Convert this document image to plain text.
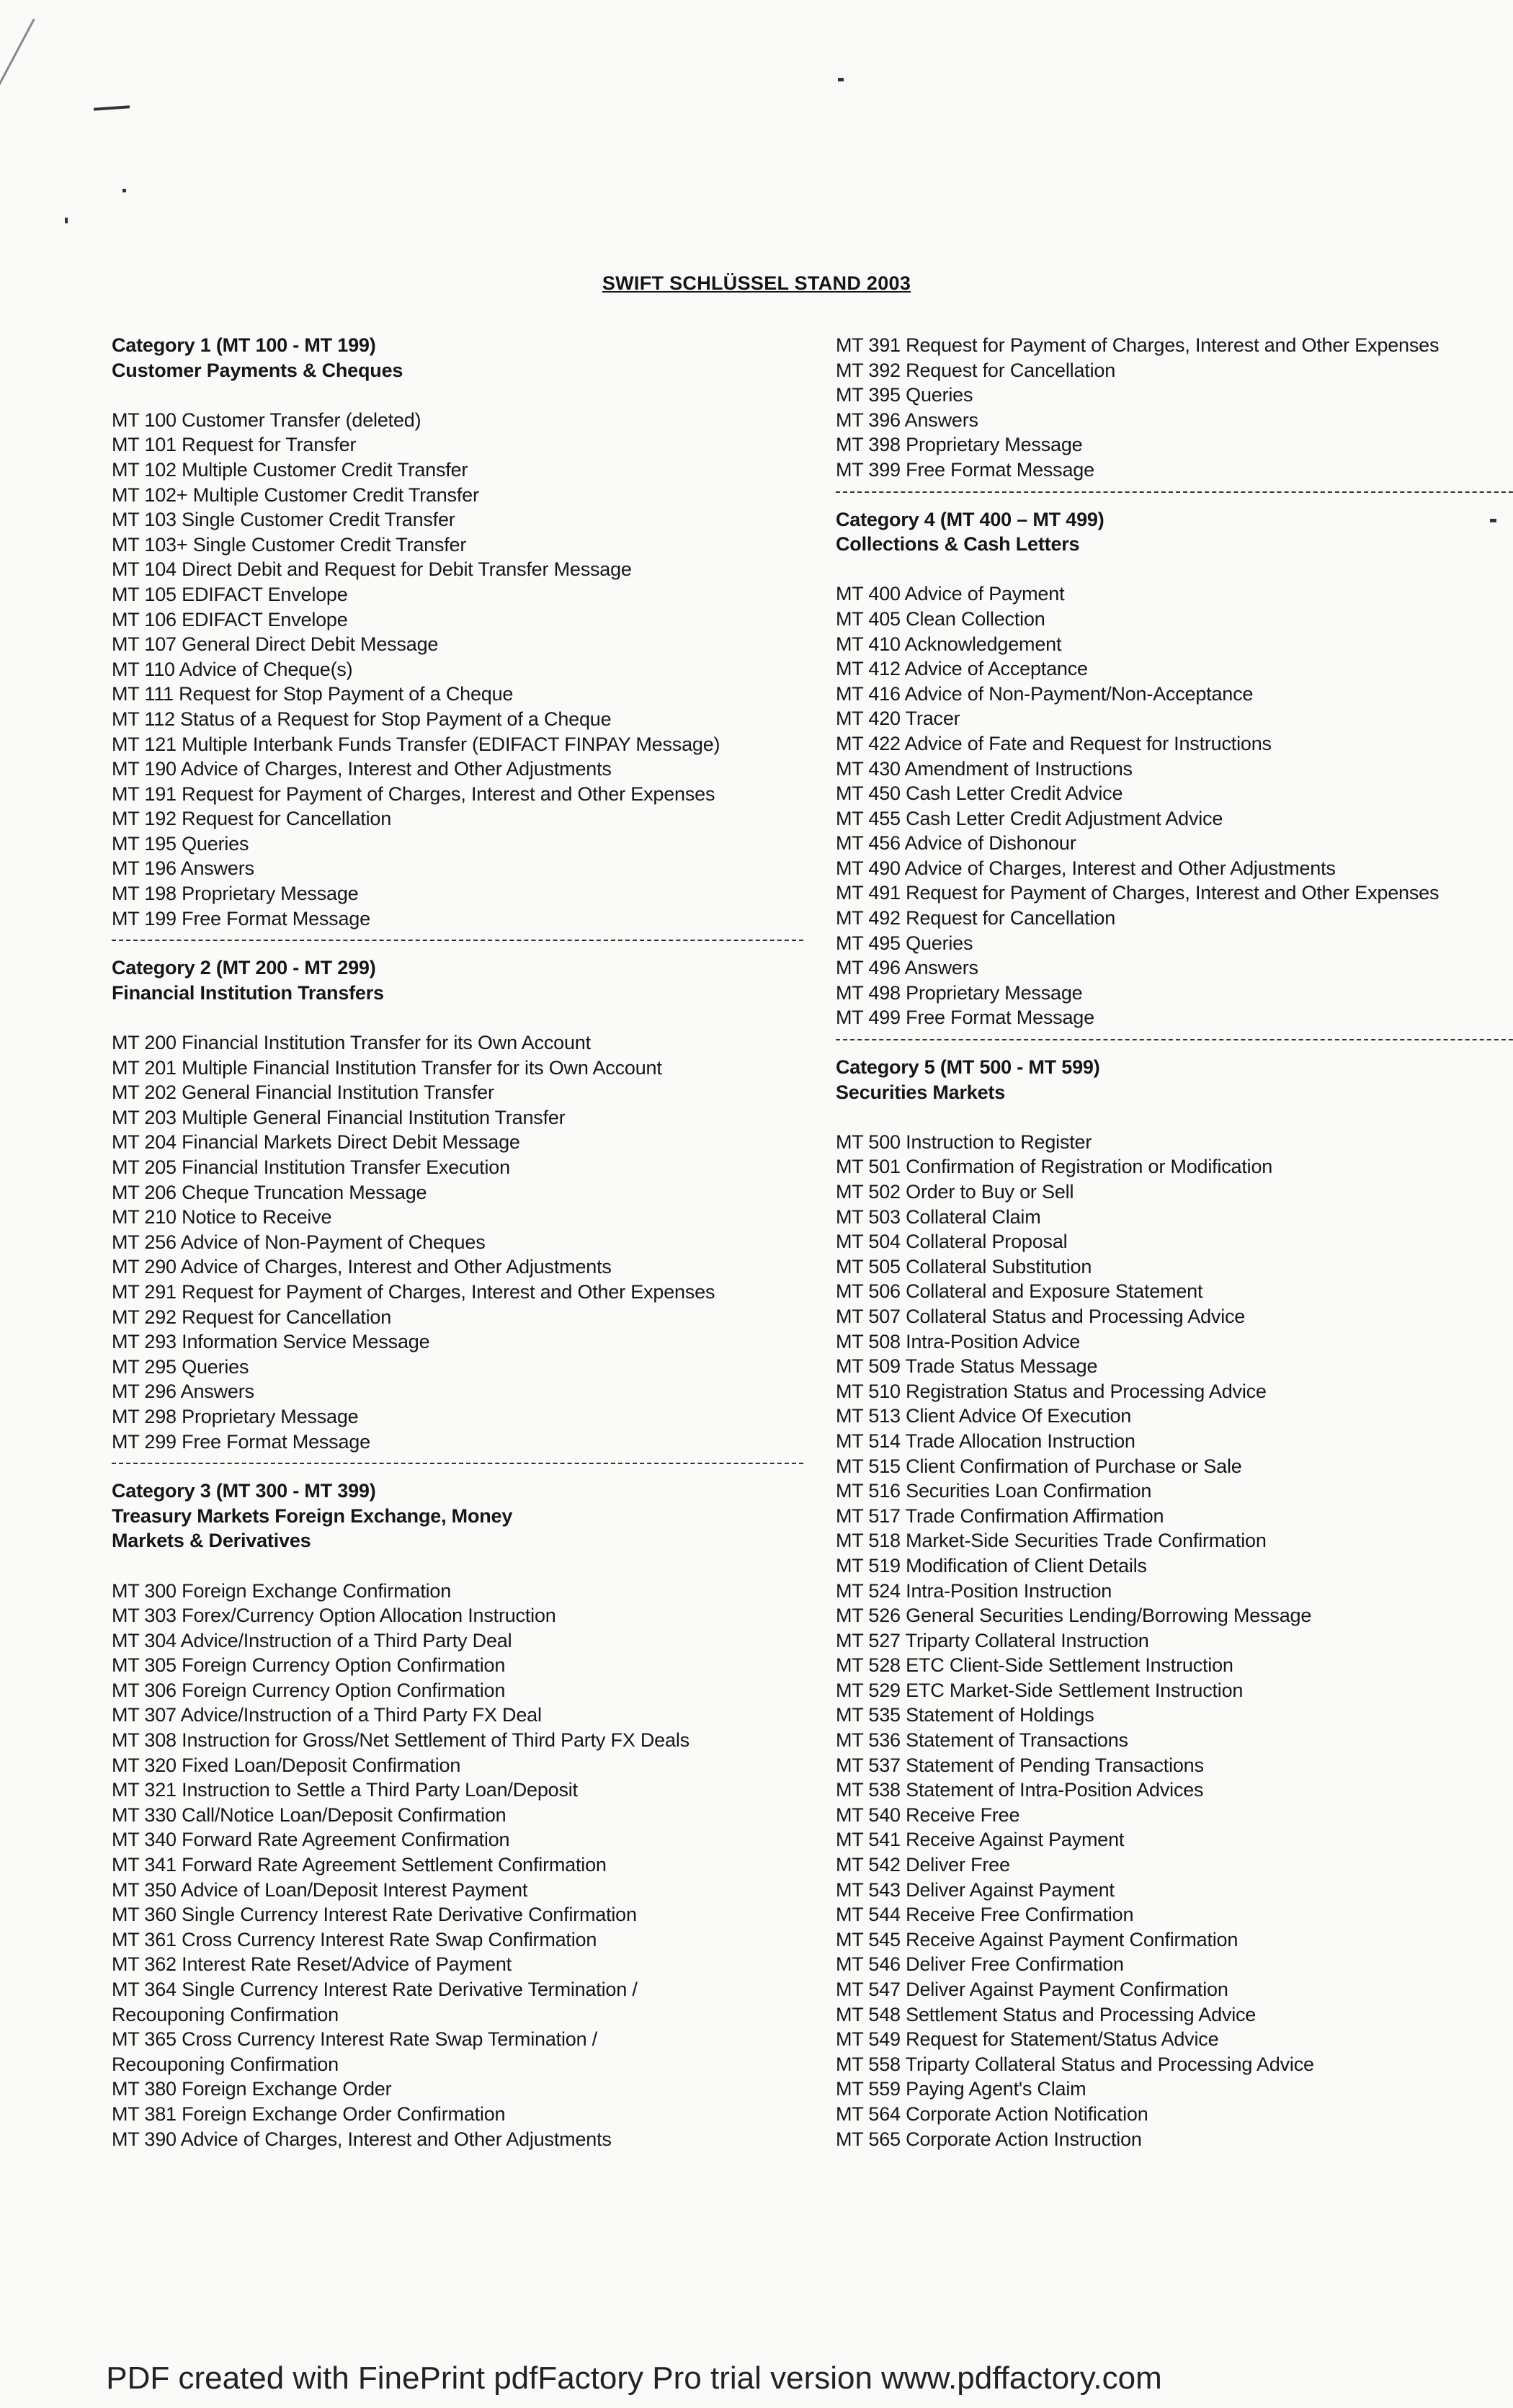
SWIFT SCHLÜSSEL STAND 2003
Category 1 (MT 100 - MT 199)
Customer Payments & Cheques
MT 100 Customer Transfer (deleted)
MT 101 Request for Transfer
MT 102 Multiple Customer Credit Transfer
MT 102+ Multiple Customer Credit Transfer
MT 103 Single Customer Credit Transfer
MT 103+ Single Customer Credit Transfer
MT 104 Direct Debit and Request for Debit Transfer Message
MT 105 EDIFACT Envelope
MT 106 EDIFACT Envelope
MT 107 General Direct Debit Message
MT 110 Advice of Cheque(s)
MT 111 Request for Stop Payment of a Cheque
MT 112 Status of a Request for Stop Payment of a Cheque
MT 121 Multiple Interbank Funds Transfer (EDIFACT FINPAY Message)
MT 190 Advice of Charges, Interest and Other Adjustments
MT 191 Request for Payment of Charges, Interest and Other Expenses
MT 192 Request for Cancellation
MT 195 Queries
MT 196 Answers
MT 198 Proprietary Message
MT 199 Free Format Message
Category 2 (MT 200 - MT 299)
Financial Institution Transfers
MT 200 Financial Institution Transfer for its Own Account
MT 201 Multiple Financial Institution Transfer for its Own Account
MT 202 General Financial Institution Transfer
MT 203 Multiple General Financial Institution Transfer
MT 204 Financial Markets Direct Debit Message
MT 205 Financial Institution Transfer Execution
MT 206 Cheque Truncation Message
MT 210 Notice to Receive
MT 256 Advice of Non-Payment of Cheques
MT 290 Advice of Charges, Interest and Other Adjustments
MT 291 Request for Payment of Charges, Interest and Other Expenses
MT 292 Request for Cancellation
MT 293 Information Service Message
MT 295 Queries
MT 296 Answers
MT 298 Proprietary Message
MT 299 Free Format Message
Category 3 (MT 300 - MT 399)
Treasury Markets Foreign Exchange, Money
Markets & Derivatives
MT 300 Foreign Exchange Confirmation
MT 303 Forex/Currency Option Allocation Instruction
MT 304 Advice/Instruction of a Third Party Deal
MT 305 Foreign Currency Option Confirmation
MT 306 Foreign Currency Option Confirmation
MT 307 Advice/Instruction of a Third Party FX Deal
MT 308 Instruction for Gross/Net Settlement of Third Party FX Deals
MT 320 Fixed Loan/Deposit Confirmation
MT 321 Instruction to Settle a Third Party Loan/Deposit
MT 330 Call/Notice Loan/Deposit Confirmation
MT 340 Forward Rate Agreement Confirmation
MT 341 Forward Rate Agreement Settlement Confirmation
MT 350 Advice of Loan/Deposit Interest Payment
MT 360 Single Currency Interest Rate Derivative Confirmation
MT 361 Cross Currency Interest Rate Swap Confirmation
MT 362 Interest Rate Reset/Advice of Payment
MT 364 Single Currency Interest Rate Derivative Termination /
Recouponing Confirmation
MT 365 Cross Currency Interest Rate Swap Termination /
Recouponing Confirmation
MT 380 Foreign Exchange Order
MT 381 Foreign Exchange Order Confirmation
MT 390 Advice of Charges, Interest and Other Adjustments
MT 391 Request for Payment of Charges, Interest and Other Expenses
MT 392 Request for Cancellation
MT 395 Queries
MT 396 Answers
MT 398 Proprietary Message
MT 399 Free Format Message
Category 4 (MT 400 – MT 499)
Collections & Cash Letters
MT 400 Advice of Payment
MT 405 Clean Collection
MT 410 Acknowledgement
MT 412 Advice of Acceptance
MT 416 Advice of Non-Payment/Non-Acceptance
MT 420 Tracer
MT 422 Advice of Fate and Request for Instructions
MT 430 Amendment of Instructions
MT 450 Cash Letter Credit Advice
MT 455 Cash Letter Credit Adjustment Advice
MT 456 Advice of Dishonour
MT 490 Advice of Charges, Interest and Other Adjustments
MT 491 Request for Payment of Charges, Interest and Other Expenses
MT 492 Request for Cancellation
MT 495 Queries
MT 496 Answers
MT 498 Proprietary Message
MT 499 Free Format Message
Category 5 (MT 500 - MT 599)
Securities Markets
MT 500 Instruction to Register
MT 501 Confirmation of Registration or Modification
MT 502 Order to Buy or Sell
MT 503 Collateral Claim
MT 504 Collateral Proposal
MT 505 Collateral Substitution
MT 506 Collateral and Exposure Statement
MT 507 Collateral Status and Processing Advice
MT 508 Intra-Position Advice
MT 509 Trade Status Message
MT 510 Registration Status and Processing Advice
MT 513 Client Advice Of Execution
MT 514 Trade Allocation Instruction
MT 515 Client Confirmation of Purchase or Sale
MT 516 Securities Loan Confirmation
MT 517 Trade Confirmation Affirmation
MT 518 Market-Side Securities Trade Confirmation
MT 519 Modification of Client Details
MT 524 Intra-Position Instruction
MT 526 General Securities Lending/Borrowing Message
MT 527 Triparty Collateral Instruction
MT 528 ETC Client-Side Settlement Instruction
MT 529 ETC Market-Side Settlement Instruction
MT 535 Statement of Holdings
MT 536 Statement of Transactions
MT 537 Statement of Pending Transactions
MT 538 Statement of Intra-Position Advices
MT 540 Receive Free
MT 541 Receive Against Payment
MT 542 Deliver Free
MT 543 Deliver Against Payment
MT 544 Receive Free Confirmation
MT 545 Receive Against Payment Confirmation
MT 546 Deliver Free Confirmation
MT 547 Deliver Against Payment Confirmation
MT 548 Settlement Status and Processing Advice
MT 549 Request for Statement/Status Advice
MT 558 Triparty Collateral Status and Processing Advice
MT 559 Paying Agent's Claim
MT 564 Corporate Action Notification
MT 565 Corporate Action Instruction
PDF created with FinePrint pdfFactory Pro trial version www.pdffactory.com
